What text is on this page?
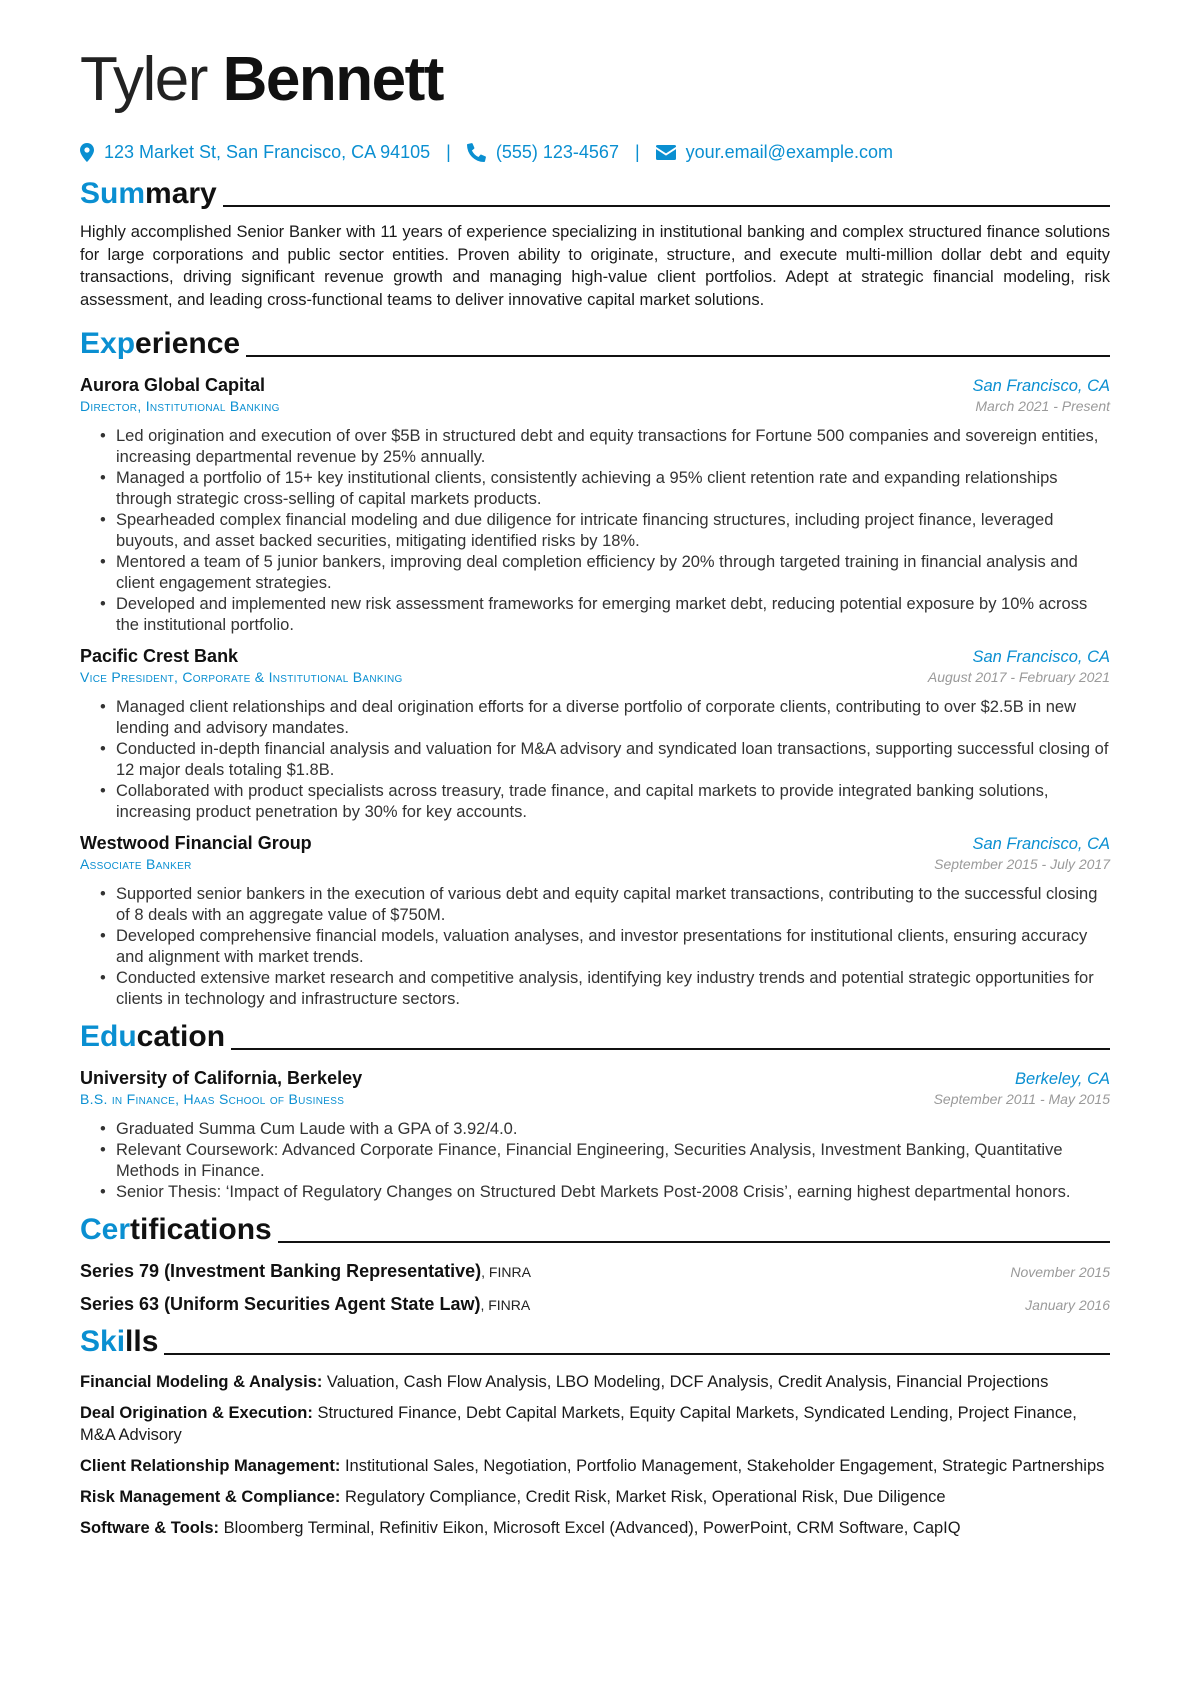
Tyler Bennett
123 Market St, San Francisco, CA 94105 |	(555) 123-4567 |	your.email@example.com
Summary
Highly accomplished Senior Banker with 11 years of experience specializing in institutional banking and complex structured finance solutions for large corporations and public sector entities. Proven ability to originate, structure, and execute multi-million dollar debt and equity transactions, driving significant revenue growth and managing high-value client portfolios. Adept at strategic financial modeling, risk assessment, and leading cross-functional teams to deliver innovative capital market solutions.
Experience
Aurora Global Capital	San Francisco, CA
Director, Institutional Banking	March 2021 - Present
• Led origination and execution of over $5B in structured debt and equity transactions for Fortune 500 companies and sovereign entities, increasing departmental revenue by 25% annually.
• Managed a portfolio of 15+ key institutional clients, consistently achieving a 95% client retention rate and expanding relationships through strategic cross-selling of capital markets products.
• Spearheaded complex financial modeling and due diligence for intricate financing structures, including project finance, leveraged buyouts, and asset backed securities, mitigating identified risks by 18%.
• Mentored a team of 5 junior bankers, improving deal completion efficiency by 20% through targeted training in financial analysis and client engagement strategies.
• Developed and implemented new risk assessment frameworks for emerging market debt, reducing potential exposure by 10% across the institutional portfolio.
Pacific Crest Bank	San Francisco, CA
Vice President, Corporate & Institutional Banking	August 2017 - February 2021
• Managed client relationships and deal origination efforts for a diverse portfolio of corporate clients, contributing to over $2.5B in new lending and advisory mandates.
• Conducted in-depth financial analysis and valuation for M&A advisory and syndicated loan transactions, supporting successful closing of 12 major deals totaling $1.8B.
• Collaborated with product specialists across treasury, trade finance, and capital markets to provide integrated banking solutions, increasing product penetration by 30% for key accounts.
Westwood Financial Group	San Francisco, CA
Associate Banker	September 2015 - July 2017
• Supported senior bankers in the execution of various debt and equity capital market transactions, contributing to the successful closing of 8 deals with an aggregate value of $750M.
• Developed comprehensive financial models, valuation analyses, and investor presentations for institutional clients, ensuring accuracy and alignment with market trends.
• Conducted extensive market research and competitive analysis, identifying key industry trends and potential strategic opportunities for clients in technology and infrastructure sectors.
Education
University of California, Berkeley	Berkeley, CA
B.S. in Finance, Haas School of Business	September 2011 - May 2015
• Graduated Summa Cum Laude with a GPA of 3.92/4.0.
• Relevant Coursework: Advanced Corporate Finance, Financial Engineering, Securities Analysis, Investment Banking, Quantitative Methods in Finance.
• Senior Thesis: ‘Impact of Regulatory Changes on Structured Debt Markets Post-2008 Crisis’, earning highest departmental honors.
Certifications
Series 79 (Investment Banking Representative), FINRA	November 2015
Series 63 (Uniform Securities Agent State Law), FINRA	January 2016
Skills
Financial Modeling & Analysis: Valuation, Cash Flow Analysis, LBO Modeling, DCF Analysis, Credit Analysis, Financial Projections
Deal Origination & Execution: Structured Finance, Debt Capital Markets, Equity Capital Markets, Syndicated Lending, Project Finance, M&A Advisory
Client Relationship Management: Institutional Sales, Negotiation, Portfolio Management, Stakeholder Engagement, Strategic Partnerships
Risk Management & Compliance: Regulatory Compliance, Credit Risk, Market Risk, Operational Risk, Due Diligence
Software & Tools: Bloomberg Terminal, Refinitiv Eikon, Microsoft Excel (Advanced), PowerPoint, CRM Software, CapIQ
